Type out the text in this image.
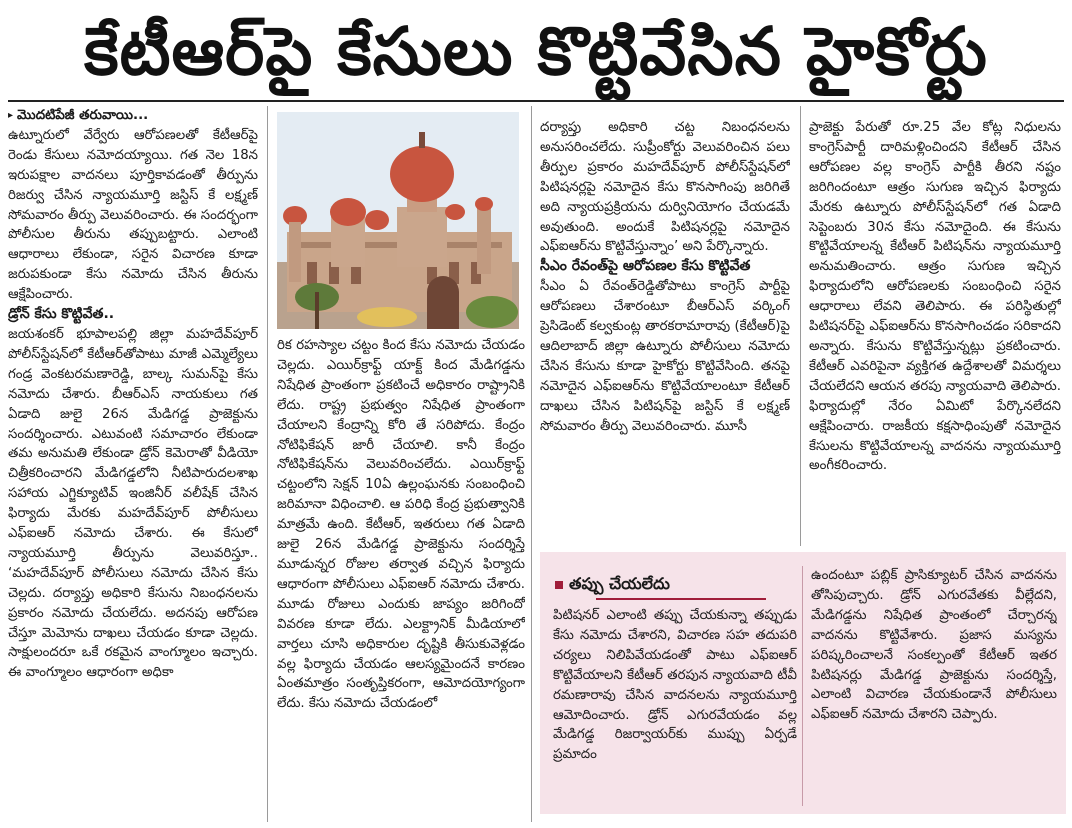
కేటీఆర్‌పై కేసులు కొట్టివేసిన హైకోర్టు

▸ మొదటిపేజీ తరువాయి...

ఉట్నూరులో వేర్వేరు ఆరోపణలతో కేటీఆర్‌పై రెండు కేసులు నమోదయ్యాయి. గత నెల 18న ఇరుపక్షాల వాదనలు పూర్తికావడంతో తీర్పును రిజర్వు చేసిన న్యాయమూర్తి జస్టిస్‌ కే లక్ష్మణ్‌ సోమవారం తీర్పు వెలువరించారు. ఈ సందర్భంగా పోలీసుల తీరును తప్పుబట్టారు. ఎలాంటి ఆధారాలు లేకుండా, సరైన విచారణ కూడా జరుపకుండా కేసు నమోదు చేసిన తీరును ఆక్షేపించారు.

డ్రోన్‌ కేసు కొట్టివేత..

జయశంకర్‌ భూపాలపల్లి జిల్లా మహదేవ్‌పూర్‌ పోలీస్‌స్టేషన్‌లో కేటీఆర్‌తోపాటు మాజీ ఎమ్మెల్యేలు గండ్ర వెంకటరమణారెడ్డి, బాల్క సుమన్‌పై కేసు నమోదు చేశారు. బీఆర్‌ఎస్‌ నాయకులు గత ఏడాది జులై 26న మేడిగడ్డ ప్రాజెక్టును సందర్శించారు. ఎటువంటి సమాచారం లేకుండా తమ అనుమతి లేకుండా డ్రోన్‌ కెమెరాతో వీడియో చిత్రీకరించారని మేడిగడ్డలోని నీటిపారుదలశాఖ సహాయ ఎగ్జిక్యూటివ్‌ ఇంజినీర్‌ వలీషేక్‌ చేసిన ఫిర్యాదు మేరకు మహదేవ్‌పూర్‌ పోలీసులు ఎఫ్‌ఐఆర్‌ నమోదు చేశారు. ఈ కేసులో న్యాయమూర్తి తీర్పును వెలువరిస్తూ.. ‘మహదేవ్‌పూర్‌ పోలీసులు నమోదు చేసిన కేసు చెల్లదు. దర్యాప్తు అధికారి కేసును నిబంధనలను ప్రకారం నమోదు చేయలేదు. అదనపు ఆరోపణ చేస్తూ మెమోను దాఖలు చేయడం కూడా చెల్లదు. సాక్షులందరూ ఒకే రకమైన వాంగ్మూలం ఇచ్చారు. ఈ వాంగ్మూలం ఆధారంగా అధికా

రిక రహస్యాల చట్టం కింద కేసు నమోదు చేయడం చెల్లదు. ఎయిర్‌క్రాఫ్ట్‌ యాక్ట్‌ కింద మేడిగడ్డను నిషేధిత ప్రాంతంగా ప్రకటించే అధికారం రాష్ట్రానికి లేదు. రాష్ట్ర ప్రభుత్వం నిషేధిత ప్రాంతంగా చేయాలని కేంద్రాన్ని కోరి తే సరిపోదు. కేంద్రం నోటిఫికేషన్‌ జారీ చేయాలి. కానీ కేంద్రం నోటిఫికేషన్‌ను వెలువరించలేదు. ఎయిర్‌క్రాఫ్ట్‌ చట్టంలోని సెక్షన్‌ 10ఏ ఉల్లంఘనకు సంబంధించి జరిమానా విధించాలి. ఆ పరిధి కేంద్ర ప్రభుత్వానికి మాత్రమే ఉంది. కేటీఆర్‌, ఇతరులు గత ఏడాది జులై 26న మేడిగడ్డ ప్రాజెక్టును సందర్శిస్తే మూడున్నర రోజుల తర్వాత వచ్చిన ఫిర్యాదు ఆధారంగా పోలీసులు ఎఫ్‌ఐఆర్‌ నమోదు చేశారు. మూడు రోజులు ఎందుకు జాప్యం జరిగిందో వివరణ కూడా లేదు. ఎలక్ట్రానిక్‌ మీడియాలో వార్తలు చూసి అధికారుల దృష్టికి తీసుకువెళ్లడం వల్ల ఫిర్యాదు చేయడం ఆలస్యమైందనే కారణం ఏంతమాత్రం సంతృప్తికరంగా, ఆమోదయోగ్యంగా లేదు. కేసు నమోదు చేయడంలో

దర్యాప్తు అధికారి చట్ట నిబంధనలను అనుసరించలేదు. సుప్రీంకోర్టు వెలువరించిన పలు తీర్పుల ప్రకారం మహదేవ్‌పూర్‌ పోలీస్‌స్టేషన్‌లో పిటిషనర్లపై నమోదైన కేసు కొనసాగింపు జరిగితే అది న్యాయప్రక్రియను దుర్వినియోగం చేయడమే అవుతుంది. అందుకే పిటిషనర్లపై నమోదైన ఎఫ్‌ఐఆర్‌ను కొట్టివేస్తున్నాం’ అని పేర్కొన్నారు.

సీఎం రేవంత్‌పై ఆరోపణల కేసు కొట్టివేత

సీఎం ఏ రేవంత్‌రెడ్డితోపాటు కాంగ్రెస్‌ పార్టీపై ఆరోపణలు చేశారంటూ బీఆర్‌ఎస్‌ వర్కింగ్‌ ప్రెసిడెంట్‌ కల్వకుంట్ల తారకరామారావు (కేటీఆర్‌)పై ఆదిలాబాద్‌ జిల్లా ఉట్నూరు పోలీసులు నమోదు చేసిన కేసును కూడా హైకోర్టు కొట్టివేసింది. తనపై నమోదైన ఎఫ్‌ఐఆర్‌ను కొట్టివేయాలంటూ కేటీఆర్‌ దాఖలు చేసిన పిటిషన్‌పై జస్టిస్‌ కే లక్ష్మణ్‌ సోమవారం తీర్పు వెలువరించారు. మూసీ

ప్రాజెక్టు పేరుతో రూ.25 వేల కోట్ల నిధులను కాంగ్రెస్‌పార్టీ దారిమళ్లించిందని కేటీఆర్‌ చేసిన ఆరోపణల వల్ల కాంగ్రెస్‌ పార్టీకి తీరని నష్టం జరిగిందంటూ ఆత్రం సుగుణ ఇచ్చిన ఫిర్యాదు మేరకు ఉట్నూరు పోలీస్‌స్టేషన్‌లో గత ఏడాది సెప్టెంబరు 30న కేసు నమోదైంది. ఈ కేసును కొట్టివేయాలన్న కేటీఆర్‌ పిటిషన్‌ను న్యాయమూర్తి అనుమతించారు. ఆత్రం సుగుణ ఇచ్చిన ఫిర్యాదులోని ఆరోపణలకు సంబంధించి సరైన ఆధారాలు లేవని తెలిపారు. ఈ పరిస్థితుల్లో పిటిషనర్‌పై ఎఫ్‌ఐఆర్‌ను కొనసాగించడం సరికాదని అన్నారు. కేసును కొట్టివేస్తున్నట్లు ప్రకటించారు. కేటీఆర్‌ ఎవరిపైనా వ్యక్తిగత ఉద్దేశాలతో విమర్శలు చేయలేదని ఆయన తరపు న్యాయవాది తెలిపారు. ఫిర్యాదుల్లో నేరం ఏమిటో పేర్కొనలేదని ఆక్షేపించారు. రాజకీయ కక్షసాధింపుతో నమోదైన కేసులను కొట్టివేయాలన్న వాదనను న్యాయమూర్తి అంగీకరించారు.

తప్పు చేయలేదు

పిటిషనర్‌ ఎలాంటి తప్పు చేయకున్నా తప్పుడు కేసు నమోదు చేశారని, విచారణ సహ తదుపరి చర్యలు నిలిపివేయడంతో పాటు ఎఫ్‌ఐఆర్‌ కొట్టివేయాలని కేటీఆర్‌ తరపున న్యాయవాది టీవీ రమణారావు చేసిన వాదనలను న్యాయమూర్తి ఆమోదించారు. డ్రోన్‌ ఎగురవేయడం వల్ల మేడిగడ్డ రిజర్వాయర్‌కు ముప్పు ఏర్పడే ప్రమాదం

ఉందంటూ పబ్లిక్‌ ప్రాసిక్యూటర్‌ చేసిన వాదనను తోసిపుచ్చారు. డ్రోన్‌ ఎగురవేతకు వీల్లేదని, మేడిగడ్డను నిషేధిత ప్రాంతంలో చేర్చారన్న వాదనను కొట్టివేశారు. ప్రజాస మస్యను పరిష్కరించాలనే సంకల్పంతో కేటీఆర్‌ ఇతర పిటిషనర్లు మేడిగడ్డ ప్రాజెక్టును సందర్శిస్తే, ఎలాంటి విచారణ చేయకుండానే పోలీసులు ఎఫ్‌ఐఆర్‌ నమోదు చేశారని చెప్పారు.
